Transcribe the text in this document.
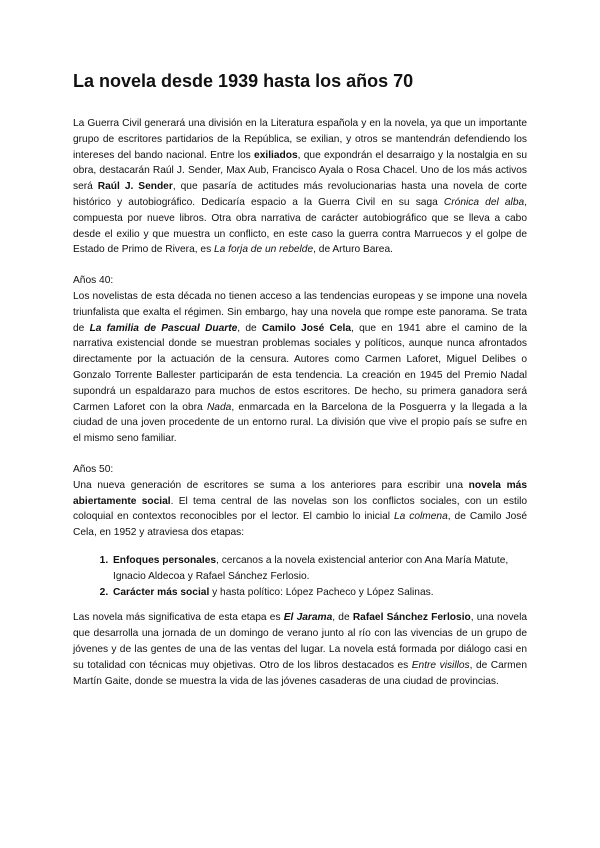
La novela desde 1939 hasta los años 70

La Guerra Civil generará una división en la Literatura española y en la novela, ya que un importante grupo de escritores partidarios de la República, se exilian, y otros se mantendrán defendiendo los intereses del bando nacional. Entre los exiliados, que expondrán el desarraigo y la nostalgia en su obra, destacarán Raúl J. Sender, Max Aub, Francisco Ayala o Rosa Chacel. Uno de los más activos será Raúl J. Sender, que pasaría de actitudes más revolucionarias hasta una novela de corte histórico y autobiográfico. Dedicaría espacio a la Guerra Civil en su saga Crónica del alba, compuesta por nueve libros. Otra obra narrativa de carácter autobiográfico que se lleva a cabo desde el exilio y que muestra un conflicto, en este caso la guerra contra Marruecos y el golpe de Estado de Primo de Rivera, es La forja de un rebelde, de Arturo Barea.

Años 40:

Los novelistas de esta década no tienen acceso a las tendencias europeas y se impone una novela triunfalista que exalta el régimen. Sin embargo, hay una novela que rompe este panorama. Se trata de La familia de Pascual Duarte, de Camilo José Cela, que en 1941 abre el camino de la narrativa existencial donde se muestran problemas sociales y políticos, aunque nunca afrontados directamente por la actuación de la censura. Autores como Carmen Laforet, Miguel Delibes o Gonzalo Torrente Ballester participarán de esta tendencia. La creación en 1945 del Premio Nadal supondrá un espaldarazo para muchos de estos escritores. De hecho, su primera ganadora será Carmen Laforet con la obra Nada, enmarcada en la Barcelona de la Posguerra y la llegada a la ciudad de una joven procedente de un entorno rural. La división que vive el propio país se sufre en el mismo seno familiar.

Años 50:

Una nueva generación de escritores se suma a los anteriores para escribir una novela más abiertamente social. El tema central de las novelas son los conflictos sociales, con un estilo coloquial en contextos reconocibles por el lector. El cambio lo inicial La colmena, de Camilo José Cela, en 1952 y atraviesa dos etapas:

1. Enfoques personales, cercanos a la novela existencial anterior con Ana María Matute, Ignacio Aldecoa y Rafael Sánchez Ferlosio.
2. Carácter más social y hasta político: López Pacheco y López Salinas.

Las novela más significativa de esta etapa es El Jarama, de Rafael Sánchez Ferlosio, una novela que desarrolla una jornada de un domingo de verano junto al río con las vivencias de un grupo de jóvenes y de las gentes de una de las ventas del lugar. La novela está formada por diálogo casi en su totalidad con técnicas muy objetivas. Otro de los libros destacados es Entre visillos, de Carmen Martín Gaite, donde se muestra la vida de las jóvenes casaderas de una ciudad de provincias.
